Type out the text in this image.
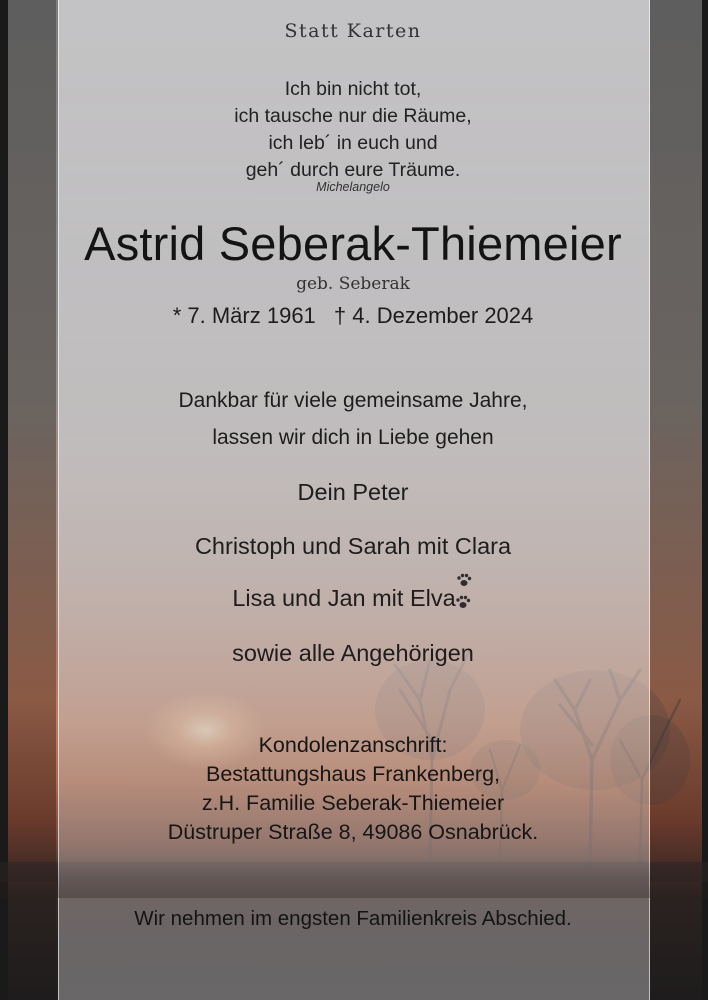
Statt Karten
Ich bin nicht tot,
ich tausche nur die Räume,
ich leb´ in euch und
geh´ durch eure Träume.
Michelangelo
Astrid Seberak-Thiemeier
geb. Seberak
* 7. März 1961 † 4. Dezember 2024
Dankbar für viele gemeinsame Jahre,
lassen wir dich in Liebe gehen
Dein Peter
Christoph und Sarah mit Clara
Lisa und Jan mit Elva
sowie alle Angehörigen
Kondolenzanschrift:
Bestattungshaus Frankenberg,
z.H. Familie Seberak-Thiemeier
Düstruper Straße 8, 49086 Osnabrück.
Wir nehmen im engsten Familienkreis Abschied.
